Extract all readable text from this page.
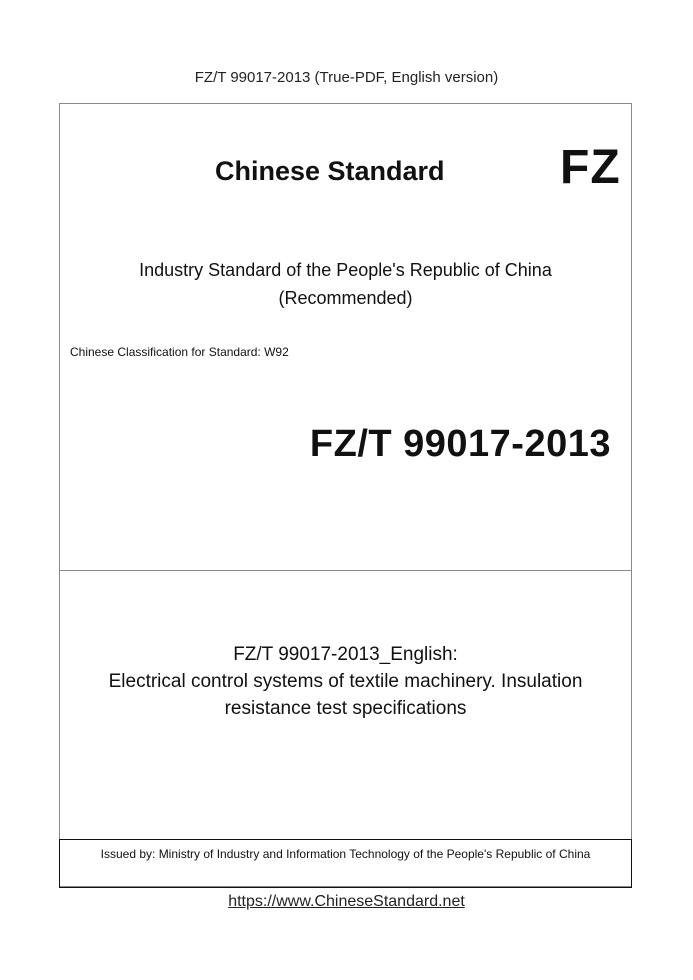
FZ/T 99017-2013 (True-PDF, English version)
Chinese Standard FZ
Industry Standard of the People's Republic of China
(Recommended)
Chinese Classification for Standard: W92
FZ/T 99017-2013
FZ/T 99017-2013_English:
Electrical control systems of textile machinery. Insulation
resistance test specifications
Issued by: Ministry of Industry and Information Technology of the People's Republic of China
https://www.ChineseStandard.net
